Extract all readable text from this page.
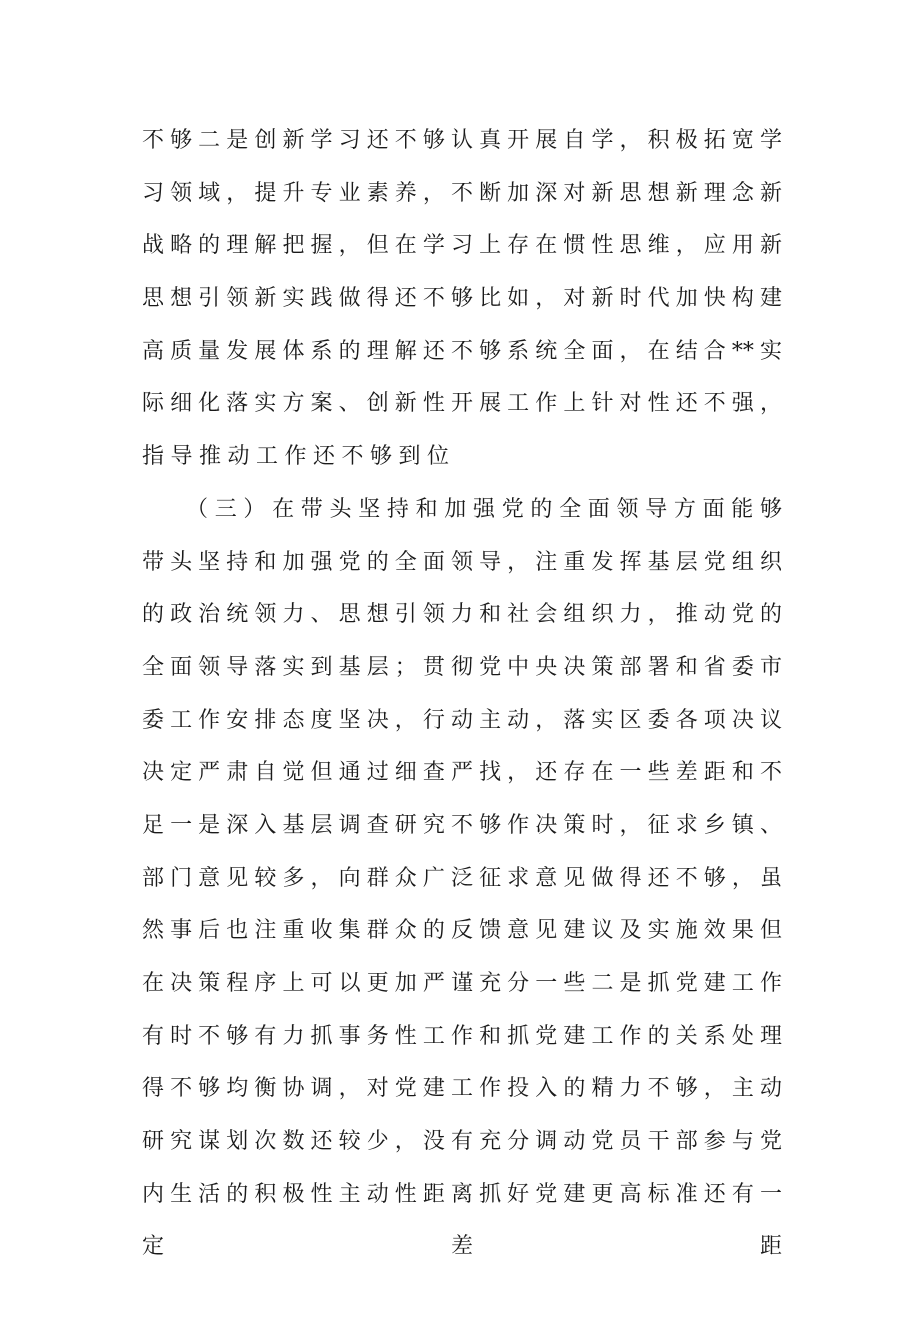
不够二是创新学习还不够认真开展自学，积极拓宽学
习领域，提升专业素养，不断加深对新思想新理念新
战略的理解把握，但在学习上存在惯性思维，应用新
思想引领新实践做得还不够比如，对新时代加快构建
高质量发展体系的理解还不够系统全面，在结合**实
际细化落实方案、创新性开展工作上针对性还不强，
指导推动工作还不够到位
（三）在带头坚持和加强党的全面领导方面能够
带头坚持和加强党的全面领导，注重发挥基层党组织
的政治统领力、思想引领力和社会组织力，推动党的
全面领导落实到基层；贯彻党中央决策部署和省委市
委工作安排态度坚决，行动主动，落实区委各项决议
决定严肃自觉但通过细查严找，还存在一些差距和不
足一是深入基层调查研究不够作决策时，征求乡镇、
部门意见较多，向群众广泛征求意见做得还不够，虽
然事后也注重收集群众的反馈意见建议及实施效果但
在决策程序上可以更加严谨充分一些二是抓党建工作
有时不够有力抓事务性工作和抓党建工作的关系处理
得不够均衡协调，对党建工作投入的精力不够，主动
研究谋划次数还较少，没有充分调动党员干部参与党
内生活的积极性主动性距离抓好党建更高标准还有一
定差距
